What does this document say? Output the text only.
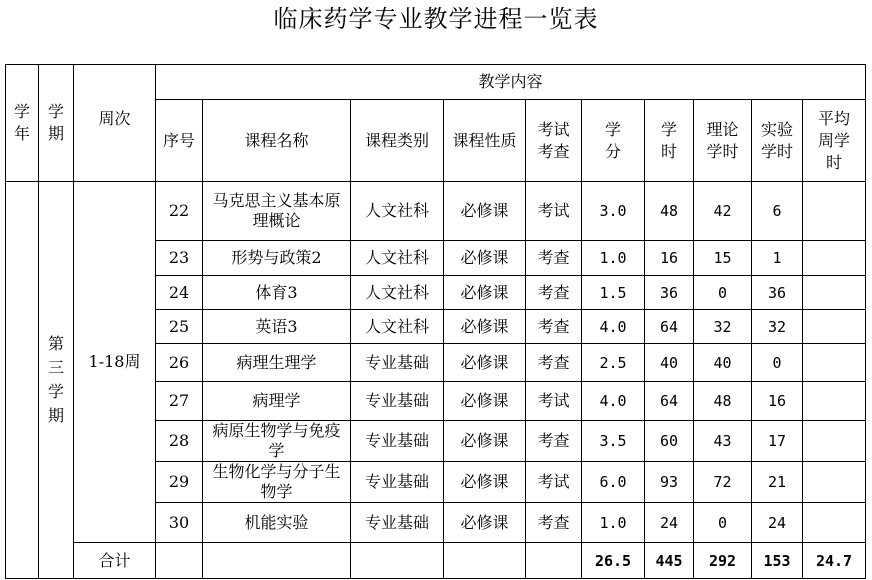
临床药学专业教学进程一览表
学年	学期	周次	教学内容									
			序号	课程名称	课程类别	课程性质	考试考查	学分	学时	理论学时	实验学时	平均周学时
	第三学期	1-18周	22	马克思主义基本原理概论	人文社科	必修课	考试	3.0	48	42	6	
			23	形势与政策2	人文社科	必修课	考查	1.0	16	15	1	
			24	体育3	人文社科	必修课	考查	1.5	36	0	36	
			25	英语3	人文社科	必修课	考查	4.0	64	32	32	
			26	病理生理学	专业基础	必修课	考查	2.5	40	40	0	
			27	病理学	专业基础	必修课	考试	4.0	64	48	16	
			28	病原生物学与免疫学	专业基础	必修课	考查	3.5	60	43	17	
			29	生物化学与分子生物学	专业基础	必修课	考试	6.0	93	72	21	
			30	机能实验	专业基础	必修课	考查	1.0	24	0	24	
		合计						26.5	445	292	153	24.7
